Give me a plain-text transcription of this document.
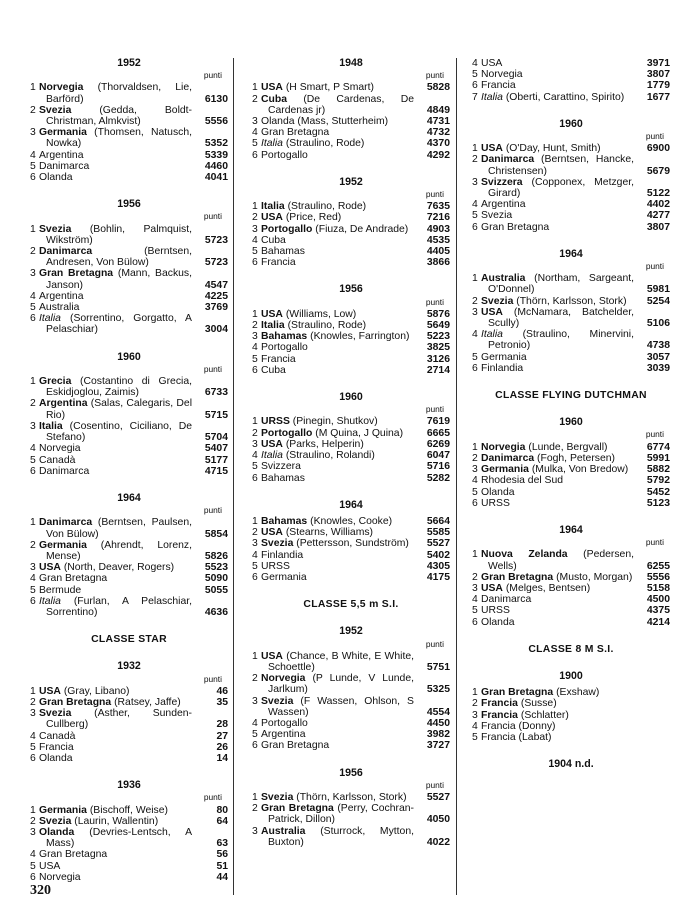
1952
punti
1 Norvegia (Thorvaldsen, Lie, Barförd)	6130
2 Svezia	(Gedda, Boldt-Christman, Almkvist)	5556
3 Germania (Thomsen, Natusch, Nowka)	5352
4 Argentina	5339
5 Danimarca	4460
6 Olanda	4041
1956
punti
1 Svezia (Bohlin, Palmquist, Wikström)	5723
2 Danimarca	(Berntsen, Andresen, Von Bülow)	5723
3 Gran Bretagna (Mann, Backus, Janson)	4547
4 Argentina	4225
5 Australia	3769
6 Italia (Sorrentino, Gorgatto, A Pelaschiar)	3004
1960
punti
1 Grecia (Costantino di Grecia, Eskidjoglou, Zaimis)	6733
2 Argentina (Salas, Calegaris, Del Rio)	5715
3 Italia (Cosentino, Ciciliano, De Stefano)	5704
4 Norvegia	5407
5 Canadà	5177
6 Danimarca	4715
1964
punti
1 Danimarca (Berntsen, Paulsen, Von Bülow)	5854
2 Germania (Ahrendt, Lorenz, Mense)	5826
3 USA (North, Deaver, Rogers)	5523
4 Gran Bretagna	5090
5 Bermude	5055
6 Italia (Furlan, A Pelaschiar, Sorrentino)	4636
CLASSE STAR
1932
punti
1 USA (Gray, Libano)	46
2 Gran Bretagna (Ratsey, Jaffe)	35
3 Svezia (Asther, Sunden-Cullberg)	28
4 Canadà	27
5 Francia	26
6 Olanda	14
1936
punti
1 Germania (Bischoff, Weise)	80
2 Svezia (Laurin, Wallentin)	64
3 Olanda (Devries-Lentsch, A Mass)	63
4 Gran Bretagna	56
5 USA	51
6 Norvegia	44
1948
punti
1 USA (H Smart, P Smart)	5828
2 Cuba (De Cardenas, De Cardenas jr)	4849
3 Olanda (Mass, Stutterheim)	4731
4 Gran Bretagna	4732
5 Italia (Straulino, Rode)	4370
6 Portogallo	4292
1952
punti
1 Italia (Straulino, Rode)	7635
2 USA (Price, Red)	7216
3 Portogallo (Fiuza, De Andrade)	4903
4 Cuba	4535
5 Bahamas	4405
6 Francia	3866
1956
punti
1 USA (Williams, Low)	5876
2 Italia (Straulino, Rode)	5649
3 Bahamas (Knowles, Farrington)	5223
4 Portogallo	3825
5 Francia	3126
6 Cuba	2714
1960
punti
1 URSS (Pinegin, Shutkov)	7619
2 Portogallo (M Quina, J Quina)	6665
3 USA (Parks, Helperin)	6269
4 Italia (Straulino, Rolandi)	6047
5 Svizzera	5716
6 Bahamas	5282
1964
1 Bahamas (Knowles, Cooke)	5664
2 USA (Stearns, Williams)	5585
3 Svezia (Pettersson, Sundström)	5527
4 Finlandia	5402
5 URSS	4305
6 Germania	4175
CLASSE 5,5 m S.I.
1952
punti
1 USA (Chance, B White, E White, Schoettle)	5751
2 Norvegia (P Lunde, V Lunde, Jarlkum)	5325
3 Svezia (F Wassen, Ohlson, S Wassen)	4554
4 Portogallo	4450
5 Argentina	3982
6 Gran Bretagna	3727
1956
punti
1 Svezia (Thörn, Karlsson, Stork)	5527
2 Gran Bretagna (Perry, Cochran-Patrick, Dillon)	4050
3 Australia (Sturrock, Mytton, Buxton)	4022
4 USA	3971
5 Norvegia	3807
6 Francia	1779
7 Italia (Oberti, Carattino, Spirito)	1677
1960
punti
1 USA (O'Day, Hunt, Smith)	6900
2 Danimarca (Berntsen, Hancke, Christensen)	5679
3 Svizzera (Copponex, Metzger, Girard)	5122
4 Argentina	4402
5 Svezia	4277
6 Gran Bretagna	3807
1964
punti
1 Australia (Northam, Sargeant, O'Donnel)	5981
2 Svezia (Thörn, Karlsson, Stork)	5254
3 USA (McNamara, Batchelder, Scully)	5106
4 Italia (Straulino, Minervini, Petronio)	4738
5 Germania	3057
6 Finlandia	3039
CLASSE FLYING DUTCHMAN
1960
punti
1 Norvegia (Lunde, Bergvall)	6774
2 Danimarca (Fogh, Petersen)	5991
3 Germania (Mulka, Von Bredow)	5882
4 Rhodesia del Sud	5792
5 Olanda	5452
6 URSS	5123
1964
punti
1 Nuova Zelanda (Pedersen, Wells)	6255
2 Gran Bretagna (Musto, Morgan)	5556
3 USA (Melges, Bentsen)	5158
4 Danimarca	4500
5 URSS	4375
6 Olanda	4214
CLASSE 8 M S.I.
1900
1 Gran Bretagna (Exshaw)
2 Francia (Susse)
3 Francia (Schlatter)
4 Francia (Donny)
5 Francia (Labat)
1904 n.d.
320
